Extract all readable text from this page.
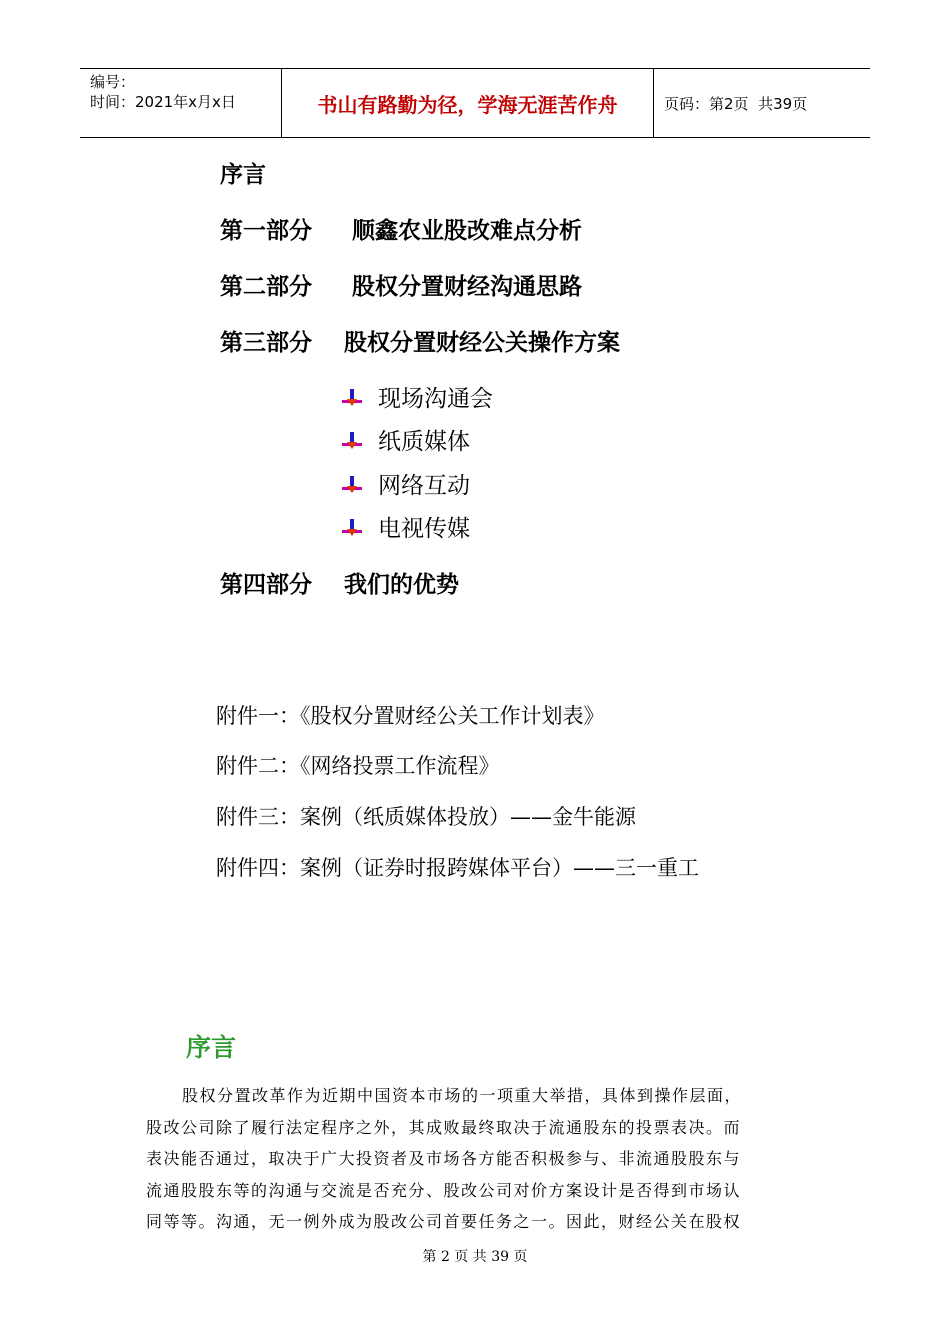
编号：
时间：2021年x月x日	书山有路勤为径，学海无涯苦作舟	页码：第2页  共39页
序言
第一部分     顺鑫农业股改难点分析
第二部分     股权分置财经沟通思路
第三部分    股权分置财经公关操作方案
现场沟通会
纸质媒体
网络互动
电视传媒
第四部分    我们的优势
附件一：《股权分置财经公关工作计划表》
附件二：《网络投票工作流程》
附件三：案例（纸质媒体投放）——金牛能源
附件四：案例（证券时报跨媒体平台）——三一重工
序言
股权分置改革作为近期中国资本市场的一项重大举措，具体到操作层面，
股改公司除了履行法定程序之外，其成败最终取决于流通股东的投票表决。而
表决能否通过，取决于广大投资者及市场各方能否积极参与、非流通股股东与
流通股股东等的沟通与交流是否充分、股改公司对价方案设计是否得到市场认
同等等。沟通，无一例外成为股改公司首要任务之一。因此，财经公关在股权
第 2 页 共 39 页
